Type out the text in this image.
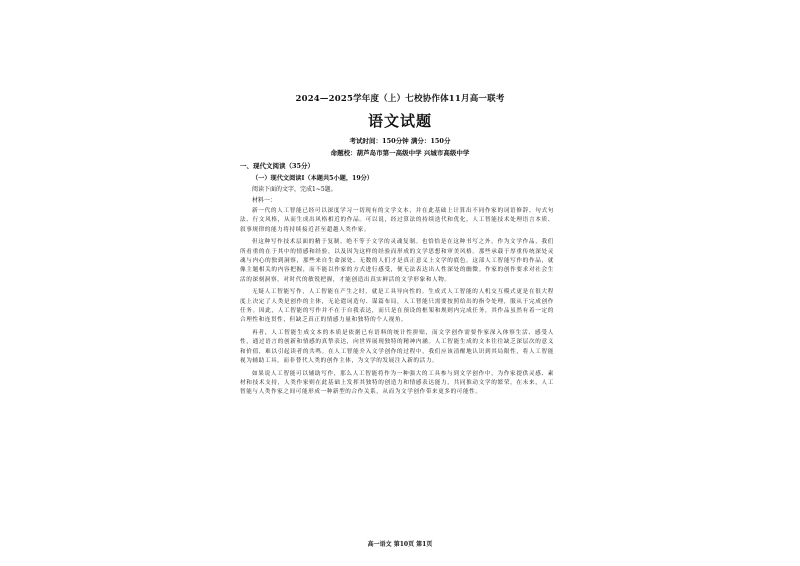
2024—2025学年度（上）七校协作体11月高一联考
语文试题
考试时间：150分钟 满分：150分
命题校：葫芦岛市第一高级中学 兴城市高级中学
一、现代文阅读（35分）
（一）现代文阅读Ⅰ（本题共5小题，19分）
阅读下面的文字，完成1~5题。
材料一：
新一代的人工智能已经可以深度学习一切现有的文学文本，并在此基础上计算出不同作家的词语修辞、句式句法、行文风格，从而生成出风格相近的作品。可以说，经过算法的持续迭代和优化，人工智能技术处理语言本质、叙事规律的能力将持续接近甚至超越人类作家。
但这种写作技术层面的精于复制，绝不等于文学的灵魂复制。也恰恰是在这种书写之外，作为文学作品，我们所看重的在于其中的情感和经验，以及因为这样的经验而形成的文学思想和审美风格。那些承载于厚重传统深处灵魂与内心的独到洞察，那些来自生命深处、无数的人们才是真正意义上文学的底色。这部人工智能写作的作品，就像主题相关的内容把握，而不能以作家的方式进行感受，便无法表达出人性深处的幽微。作家的创作要求对社会生活的深刻洞察，对时代的敏锐把握，才能创造出真实鲜活的文学形象和人物。
无疑人工智能写作，人工智能在产生之时，就是工具导向性的。生成式人工智能的人机交互模式更是在很大程度上决定了人类是创作的主体，无论遣词造句、谋篇布局，人工智能只需要按照给出的指令处理，服从于完成创作任务。因此，人工智能的写作并不在于自我表达，而只是在预设的框架和规则内完成任务，其作品虽然有着一定的合理性和连贯性，但缺乏真正的情感力量和独特的个人视角。
再者，人工智能生成文本的本质是依据已有语料的统计性拼贴，而文学创作需要作家深入体察生活、感受人性，通过语言的创新和情感的真挚表达，向世界展现独特的精神内涵。人工智能生成的文本往往缺乏深层次的意义和价值，难以引起读者的共鸣。在人工智能介入文学创作的过程中，我们应该清醒地认识到其局限性，将人工智能视为辅助工具，而非替代人类的创作主体，为文学的发展注入新的活力。
如果说人工智能可以辅助写作，那么人工智能将作为一种强大的工具参与到文学创作中，为作家提供灵感、素材和技术支持，人类作家则在此基础上发挥其独特的创造力和情感表达能力，共同推动文学的繁荣。在未来，人工智能与人类作家之间可能形成一种新型的合作关系，从而为文学创作带来更多的可能性。
高一语文 第10页 第1页
